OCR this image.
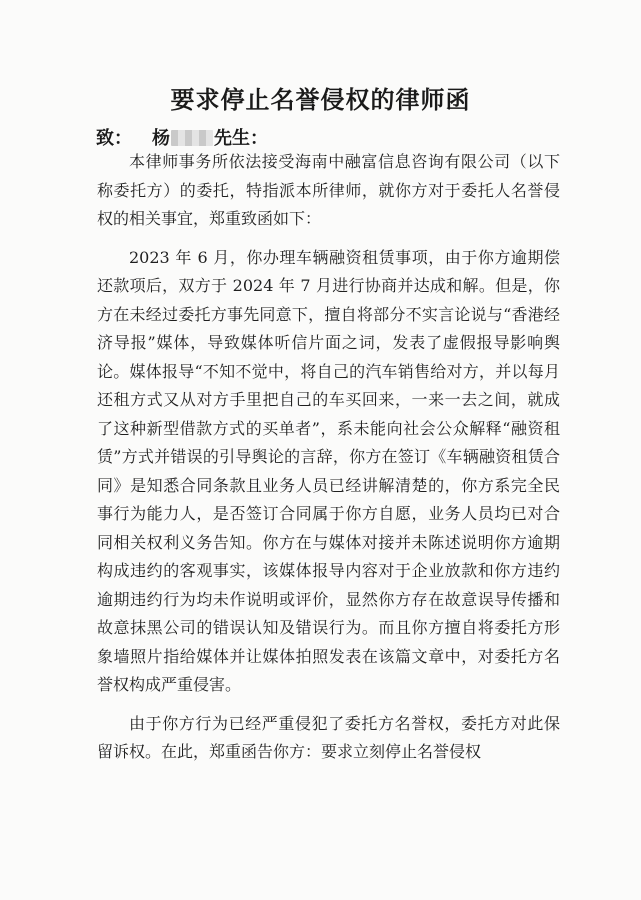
要求停止名誉侵权的律师函
致： 杨 先生：

本律师事务所依法接受海南中融富信息咨询有限公司（以下称委托方）的委托，特指派本所律师，就你方对于委托人名誉侵权的相关事宜，郑重致函如下：

2023 年 6 月，你办理车辆融资租赁事项，由于你方逾期偿还款项后，双方于 2024 年 7 月进行协商并达成和解。但是，你方在未经过委托方事先同意下，擅自将部分不实言论说与“香港经济导报”媒体，导致媒体听信片面之词，发表了虚假报导影响舆论。媒体报导“不知不觉中，将自己的汽车销售给对方，并以每月还租方式又从对方手里把自己的车买回来，一来一去之间，就成了这种新型借款方式的买单者”，系未能向社会公众解释“融资租赁”方式并错误的引导舆论的言辞，你方在签订《车辆融资租赁合同》是知悉合同条款且业务人员已经讲解清楚的，你方系完全民事行为能力人，是否签订合同属于你方自愿，业务人员均已对合同相关权利义务告知。你方在与媒体对接并未陈述说明你方逾期构成违约的客观事实，该媒体报导内容对于企业放款和你方违约逾期违约行为均未作说明或评价，显然你方存在故意误导传播和故意抹黑公司的错误认知及错误行为。而且你方擅自将委托方形象墙照片指给媒体并让媒体拍照发表在该篇文章中，对委托方名誉权构成严重侵害。

由于你方行为已经严重侵犯了委托方名誉权，委托方对此保留诉权。在此，郑重函告你方：要求立刻停止名誉侵权
